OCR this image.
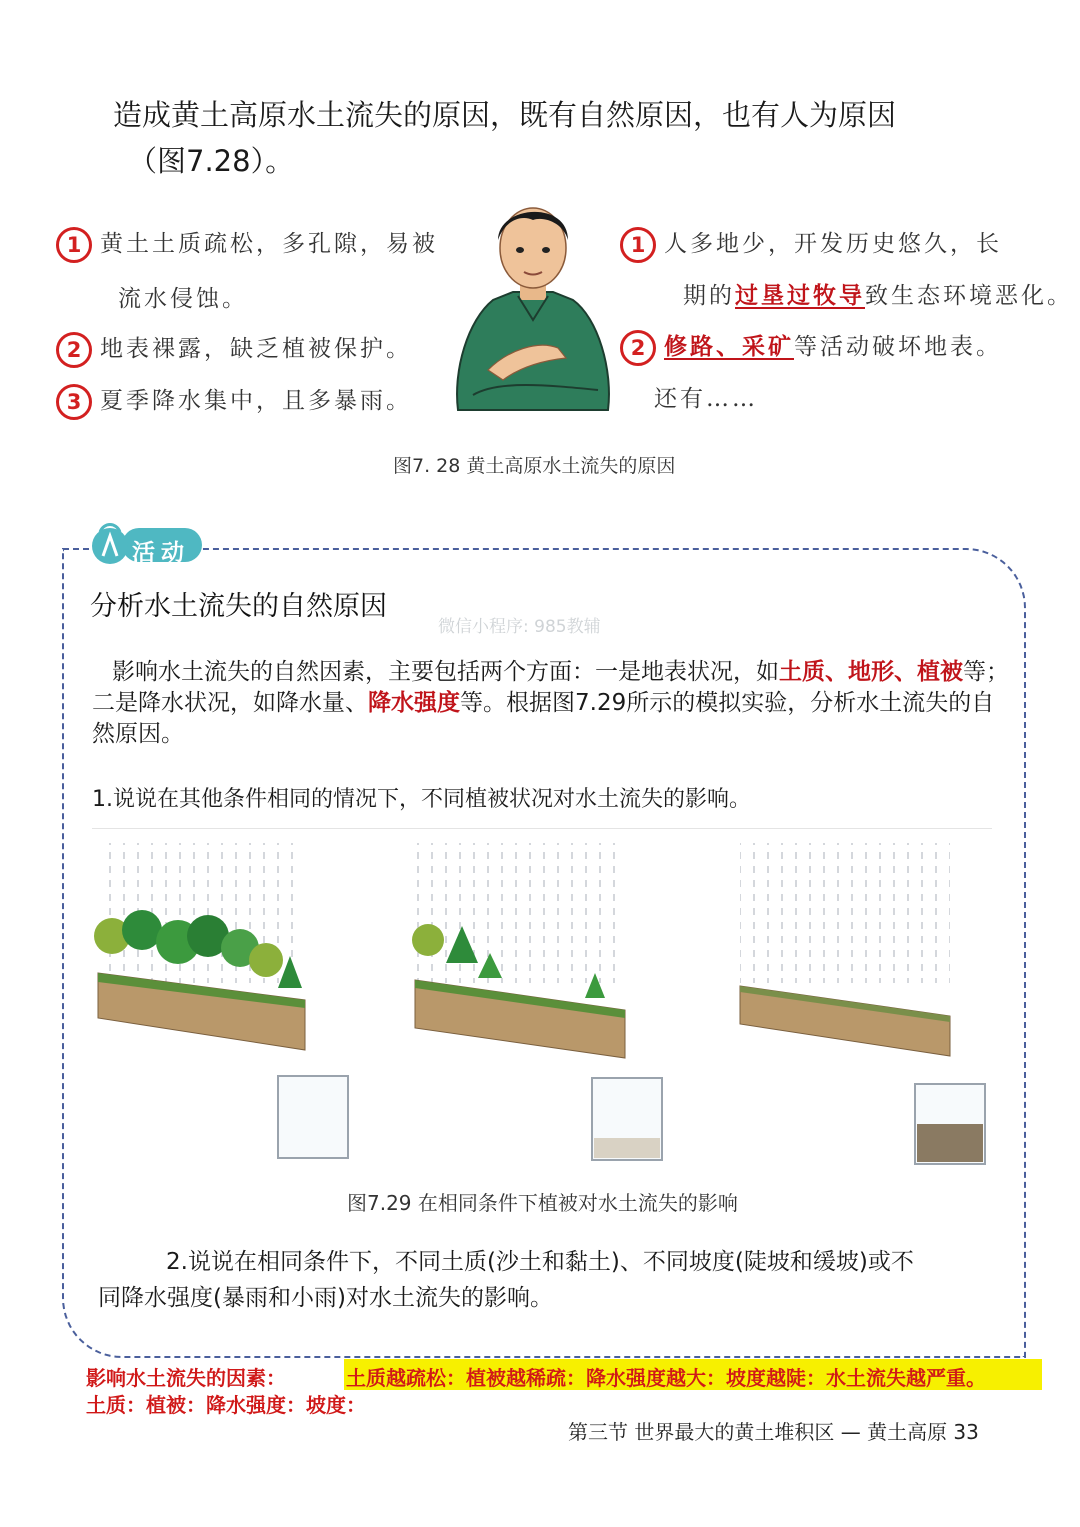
造成黄土高原水土流失的原因，既有自然原因，也有人为原因
（图7.28）。
1 黄土土质疏松，多孔隙，易被
流水侵蚀。
2 地表裸露，缺乏植被保护。
3 夏季降水集中，且多暴雨。
1 人多地少，开发历史悠久，长
期的过垦过牧导致生态环境恶化。
2 修路、采矿等活动破坏地表。
还有……
图7. 28 黄土高原水土流失的原因
活动
分析水土流失的自然原因
微信小程序: 985教辅
影响水土流失的自然因素，主要包括两个方面：一是地表状况，如土质、地形、植被等；二是降水状况，如降水量、降水强度等。根据图7.29所示的模拟实验，分析水土流失的自然原因。
1.说说在其他条件相同的情况下，不同植被状况对水土流失的影响。
图7.29 在相同条件下植被对水土流失的影响
2.说说在相同条件下，不同土质(沙土和黏土)、不同坡度(陡坡和缓坡)或不
同降水强度(暴雨和小雨)对水土流失的影响。
影响水土流失的因素：
土质：植被：降水强度：坡度：
土质越疏松：植被越稀疏：降水强度越大：坡度越陡：水土流失越严重。
第三节 世界最大的黄土堆积区 — 黄土高原 33
